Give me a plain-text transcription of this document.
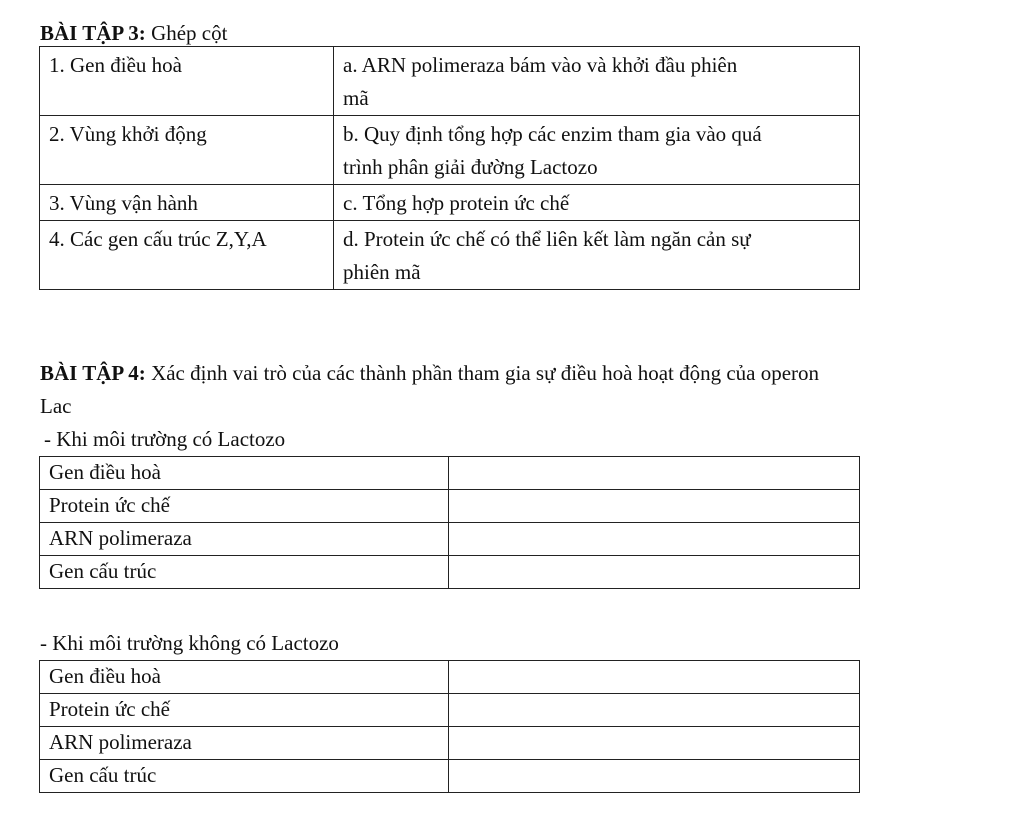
BÀI TẬP 3: Ghép cột
1. Gen điều hoà	a. ARN polimeraza bám vào và khởi đầu phiên
mã

2. Vùng khởi động	b. Quy định tổng hợp các enzim tham gia vào quá
trình phân giải đường Lactozo

3. Vùng vận hành	c. Tổng hợp protein ức chế

4. Các gen cấu trúc Z,Y,A	d. Protein ức chế có thể liên kết làm ngăn cản sự
phiên mã
BÀI TẬP 4: Xác định vai trò của các thành phần tham gia sự điều hoà hoạt động của operon
Lac
- Khi môi trường có Lactozo
Gen điều hoà	
Protein ức chế	
ARN polimeraza	
Gen cấu trúc	
- Khi môi trường không có Lactozo
Gen điều hoà	
Protein ức chế	
ARN polimeraza	
Gen cấu trúc	
